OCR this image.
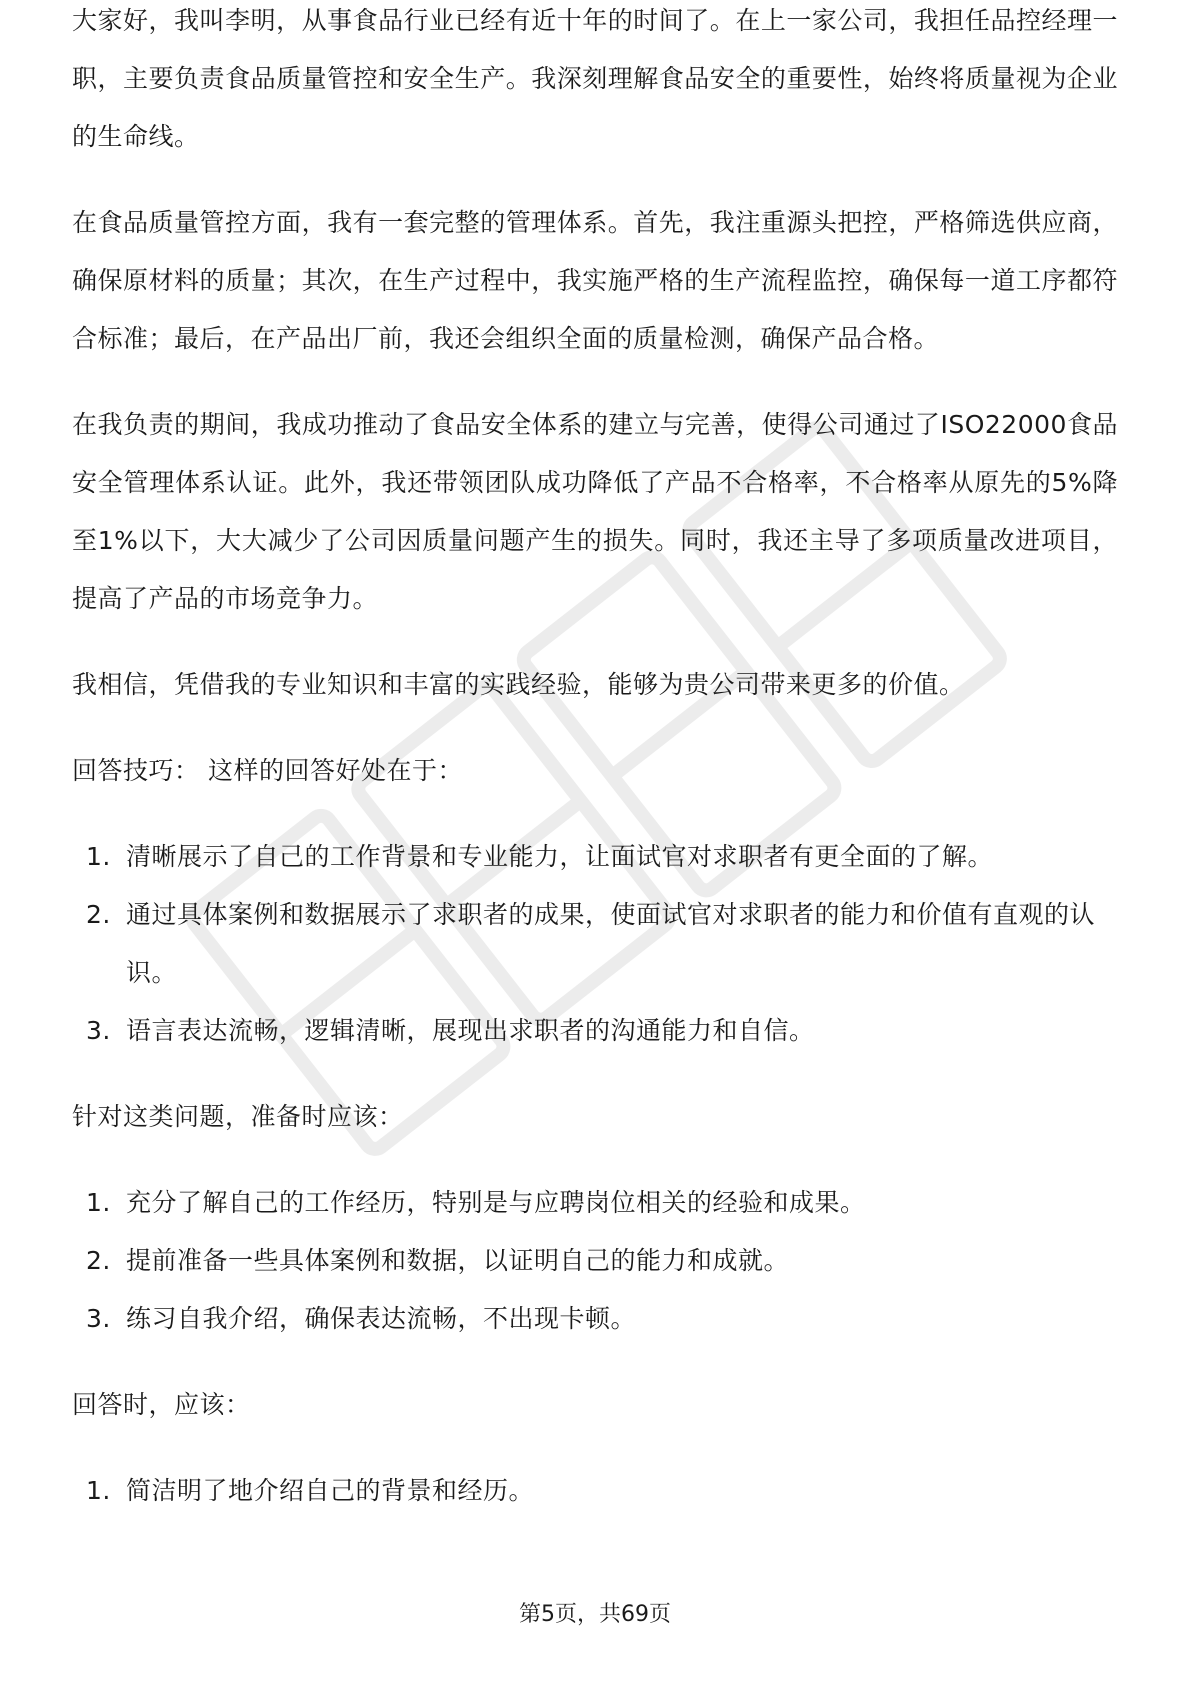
大家好，我叫李明，从事食品行业已经有近十年的时间了。在上一家公司，我担任品控经理一职，主要负责食品质量管控和安全生产。我深刻理解食品安全的重要性，始终将质量视为企业的生命线。

在食品质量管控方面，我有一套完整的管理体系。首先，我注重源头把控，严格筛选供应商，确保原材料的质量；其次，在生产过程中，我实施严格的生产流程监控，确保每一道工序都符合标准；最后，在产品出厂前，我还会组织全面的质量检测，确保产品合格。

在我负责的期间，我成功推动了食品安全体系的建立与完善，使得公司通过了ISO22000食品安全管理体系认证。此外，我还带领团队成功降低了产品不合格率，不合格率从原先的5%降至1%以下，大大减少了公司因质量问题产生的损失。同时，我还主导了多项质量改进项目，提高了产品的市场竞争力。

我相信，凭借我的专业知识和丰富的实践经验，能够为贵公司带来更多的价值。

回答技巧： 这样的回答好处在于：
1. 清晰展示了自己的工作背景和专业能力，让面试官对求职者有更全面的了解。
2. 通过具体案例和数据展示了求职者的成果，使面试官对求职者的能力和价值有直观的认识。
3. 语言表达流畅，逻辑清晰，展现出求职者的沟通能力和自信。
针对这类问题，准备时应该：
1. 充分了解自己的工作经历，特别是与应聘岗位相关的经验和成果。
2. 提前准备一些具体案例和数据，以证明自己的能力和成就。
3. 练习自我介绍，确保表达流畅，不出现卡顿。
回答时，应该：
1. 简洁明了地介绍自己的背景和经历。
第5页，共69页
